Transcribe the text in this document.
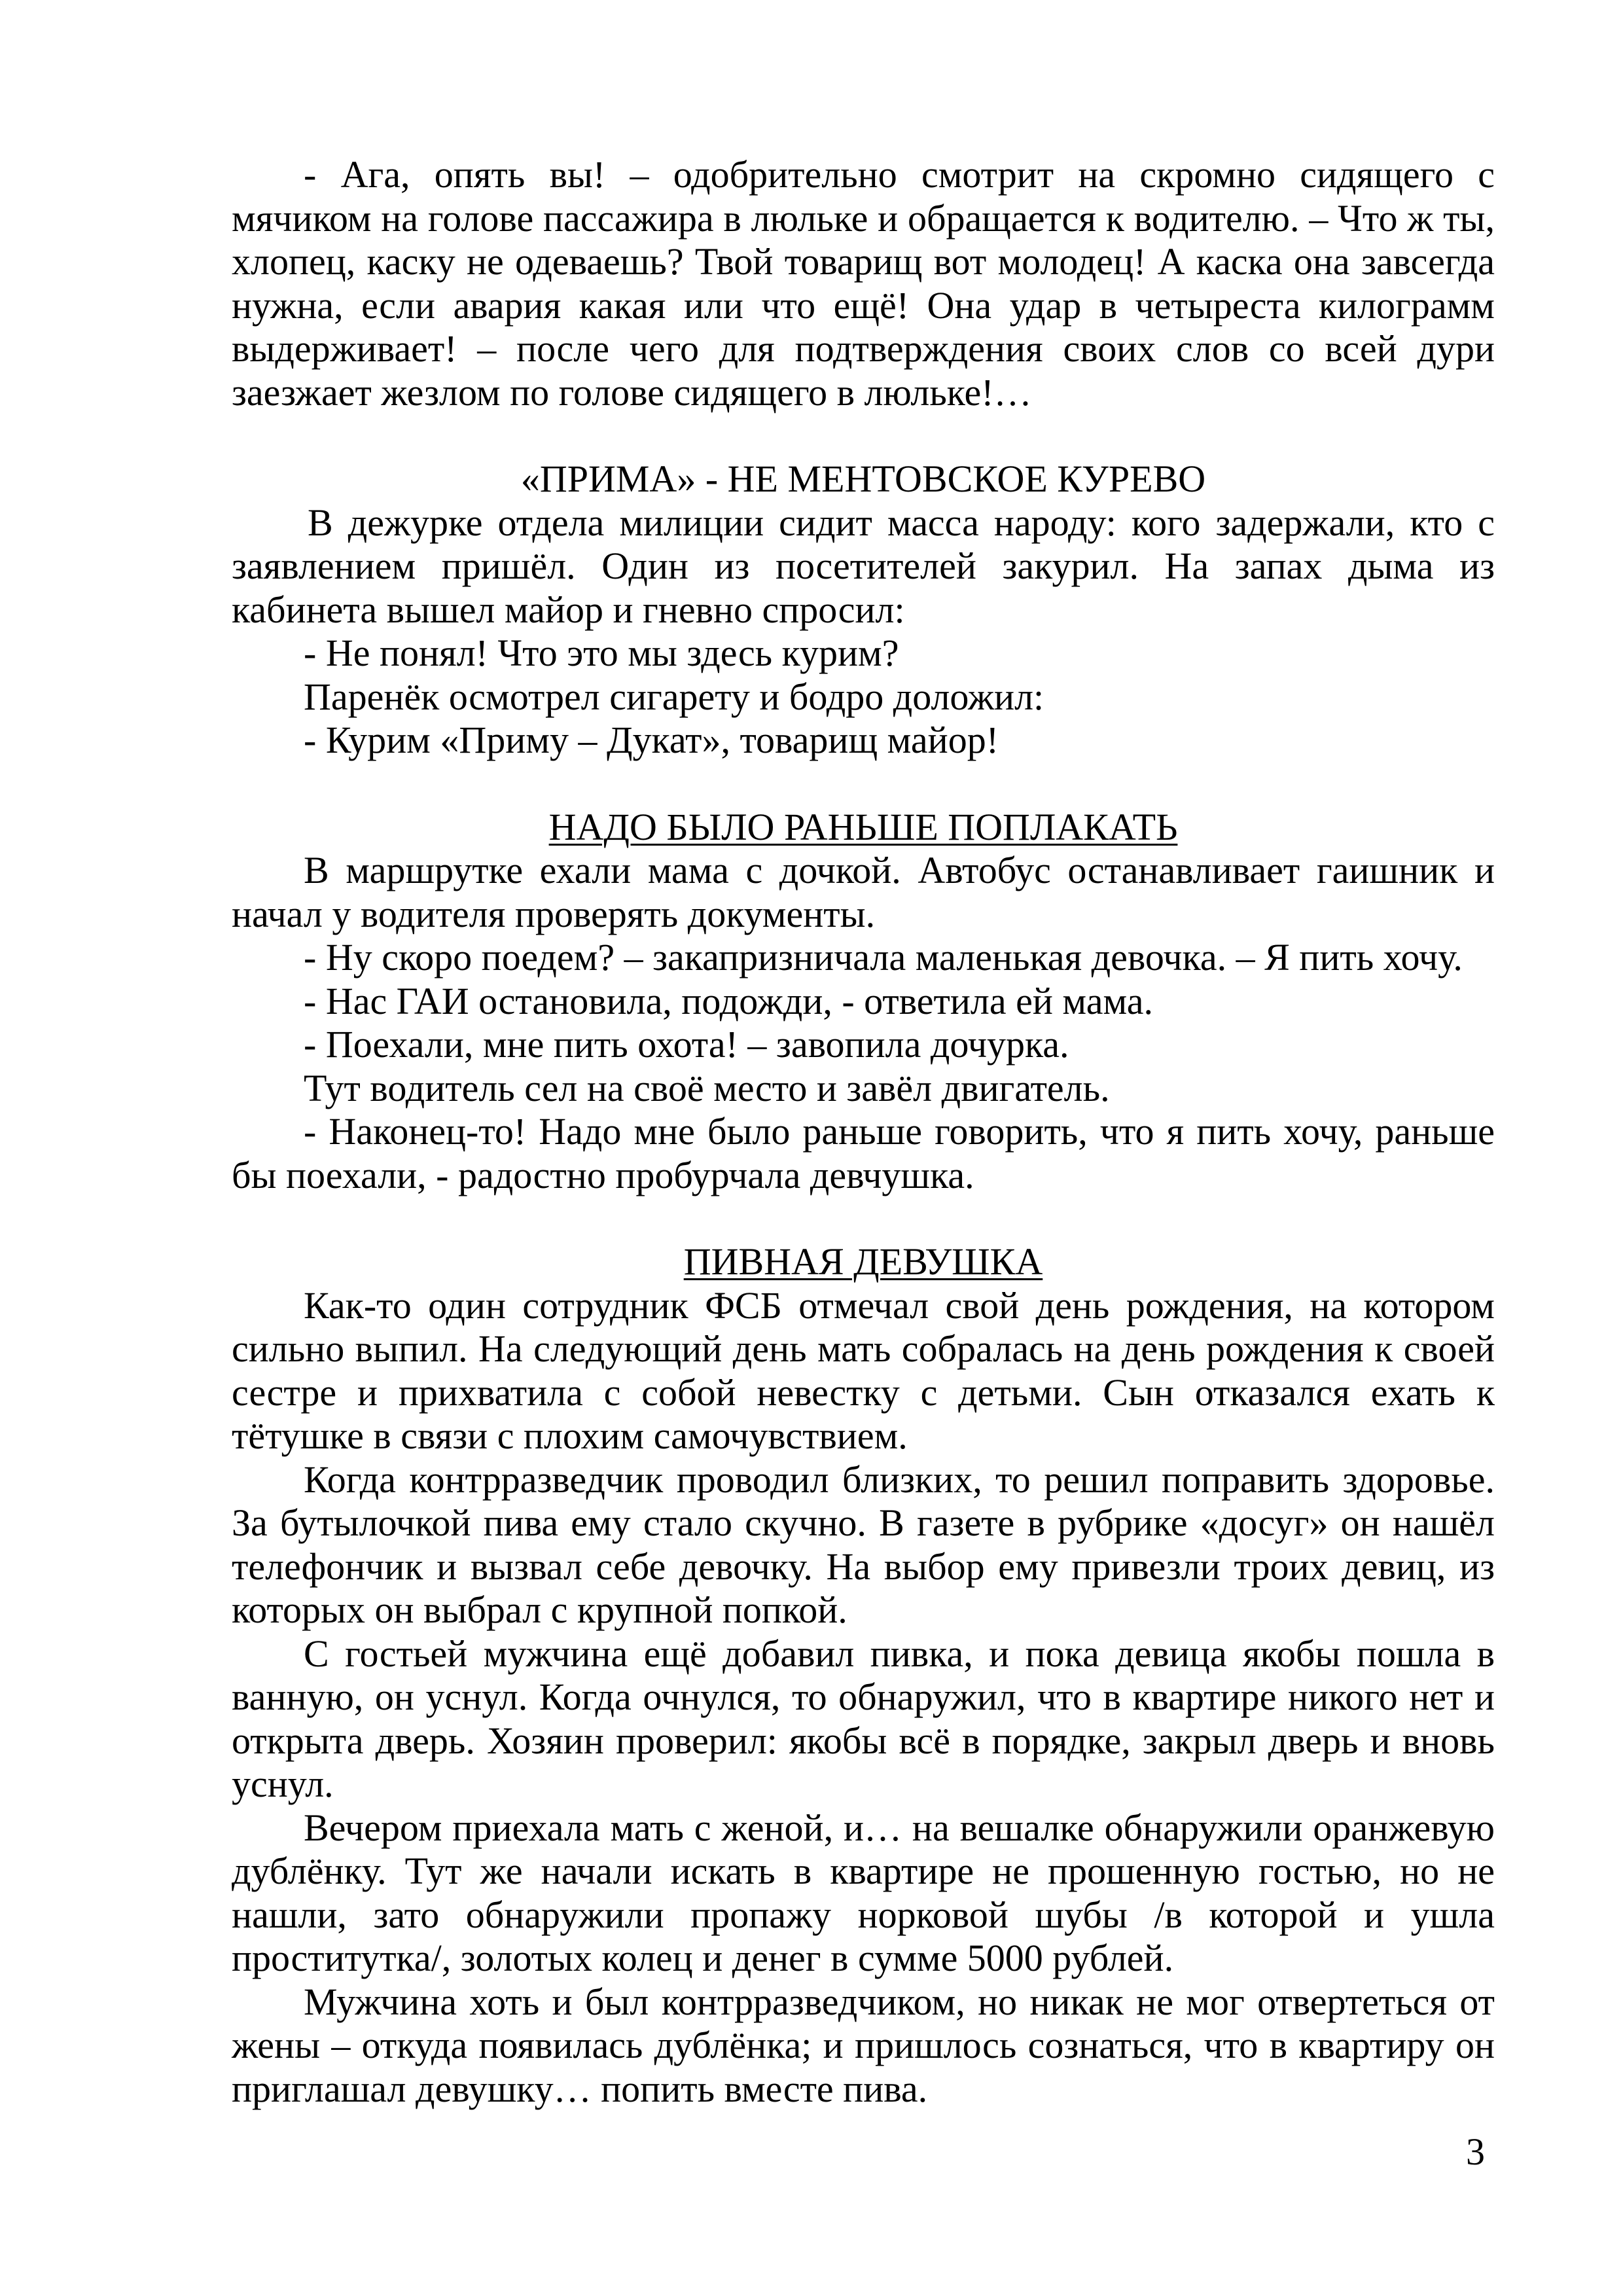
- Ага, опять вы! – одобрительно смотрит на скромно сидящего с мячиком на голове пассажира в люльке и обращается к водителю. – Что ж ты, хлопец, каску не одеваешь? Твой товарищ вот молодец! А каска она завсегда нужна, если авария какая или что ещё! Она удар в четыреста килограмм выдерживает! – после чего для подтверждения своих слов со всей дури заезжает жезлом по голове сидящего в люльке!…

«ПРИМА» - НЕ МЕНТОВСКОЕ КУРЕВО

В дежурке отдела милиции сидит масса народу: кого задержали, кто с заявлением пришёл. Один из посетителей закурил. На запах дыма из кабинета вышел майор и гневно спросил:

- Не понял! Что это мы здесь курим?

Паренёк осмотрел сигарету и бодро доложил:

- Курим «Приму – Дукат», товарищ майор!

НАДО БЫЛО РАНЬШЕ ПОПЛАКАТЬ

В маршрутке ехали мама с дочкой. Автобус останавливает гаишник и начал у водителя проверять документы.

- Ну скоро поедем? – закапризничала маленькая девочка. – Я пить хочу.

- Нас ГАИ остановила, подожди, - ответила ей мама.

- Поехали, мне пить охота! – завопила дочурка.

Тут водитель сел на своё место и завёл двигатель.

- Наконец-то! Надо мне было раньше говорить, что я пить хочу, раньше бы поехали, - радостно пробурчала девчушка.

ПИВНАЯ ДЕВУШКА

Как-то один сотрудник ФСБ отмечал свой день рождения, на котором сильно выпил. На следующий день мать собралась на день рождения к своей сестре и прихватила с собой невестку с детьми. Сын отказался ехать к тётушке в связи с плохим самочувствием.

Когда контрразведчик проводил близких, то решил поправить здоровье. За бутылочкой пива ему стало скучно. В газете в рубрике «досуг» он нашёл телефончик и вызвал себе девочку. На выбор ему привезли троих девиц, из которых он выбрал с крупной попкой.

С гостьей мужчина ещё добавил пивка, и пока девица якобы пошла в ванную, он уснул. Когда очнулся, то обнаружил, что в квартире никого нет и открыта дверь. Хозяин проверил: якобы всё в порядке, закрыл дверь и вновь уснул.

Вечером приехала мать с женой, и… на вешалке обнаружили оранжевую дублёнку. Тут же начали искать в квартире не прошенную гостью, но не нашли, зато обнаружили пропажу норковой шубы /в которой и ушла проститутка/, золотых колец и денег в сумме 5000 рублей.

Мужчина хоть и был контрразведчиком, но никак не мог отвертеться от жены – откуда появилась дублёнка; и пришлось сознаться, что в квартиру он приглашал девушку… попить вместе пива.

3
